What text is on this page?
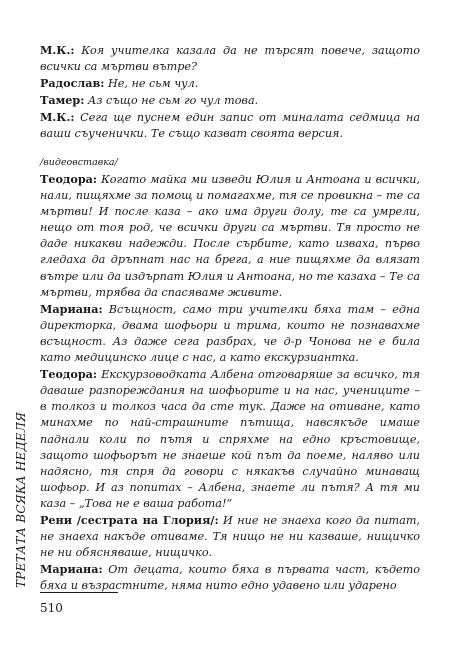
М.К.: Коя учителка казала да не търсят повече, защото всички са мъртви вътре?

Радослав: Не, не сьм чул.

Тамер: Аз също не сьм го чул това.

М.К.: Сега ще пуснем един запис от миналата седмица на ваши съученички. Те също казват своята версия.

/видеовставка/

Теодора: Когато майка ми изведи Юлия и Антоана и всички, нали, пищяхме за помощ и помагахме, тя се провикна – те са мъртви! И после каза – ако има други долу, те са умрели, нещо от тоя род, че всички други са мъртви. Тя просто не даде никакви надежди. После сърбите, като изваха, първо гледаха да дръпнат нас на брега, а ние пищяхме да влязат вътре или да издърпат Юлия и Антоана, но те казаха – Те са мъртви, трябва да спасяваме живите.

Мариана: Всъщност, само три учителки бяха там – една директорка, двама шофьори и трима, които не познавахме всъщност. Аз даже сега разбрах, че д-р Чонова не е била като медицинско лице с нас, а като екскурзиантка.

Теодора: Екскурзоводката Албена отговаряше за всичко, тя даваше разпореждания на шофьорите и на нас, учениците – в толкоз и толкоз часа да сте тук. Даже на отиване, като минахме по най-страшните пътища, навсякъде имаше паднали коли по пътя и спряхме на едно кръстовище, защото шофьорът не знаеше кой път да поеме, наляво или надясно, тя спря да говори с някакъв случайно минаващ шофьор. И аз попитах – Албена, знаете ли пътя? А тя ми каза – „Това не е ваша работа!“

Рени /сестрата на Глория/: И ние не знаеха кого да питат, не знаеха накъде отиваме. Тя нищо не ни казваше, нищичко не ни обясняваше, нищичко.

Мариана: От децата, които бяха в първата част, където бяха и възрастните, няма нито едно удавено или ударено

ТРЕТАТА ВСЯКА НЕДЕЛЯ
510
